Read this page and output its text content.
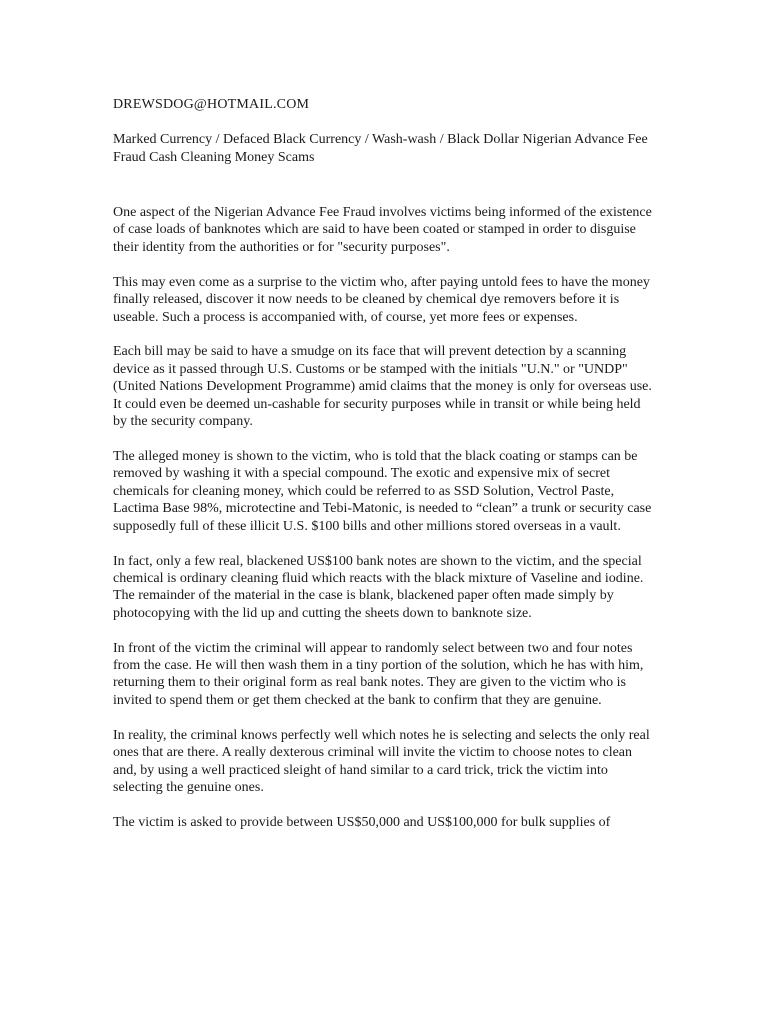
DREWSDOG@HOTMAIL.COM

Marked Currency / Defaced Black Currency / Wash-wash / Black Dollar Nigerian Advance Fee Fraud Cash Cleaning Money Scams

One aspect of the Nigerian Advance Fee Fraud involves victims being informed of the existence of case loads of banknotes which are said to have been coated or stamped in order to disguise their identity from the authorities or for "security purposes".

This may even come as a surprise to the victim who, after paying untold fees to have the money finally released, discover it now needs to be cleaned by chemical dye removers before it is useable. Such a process is accompanied with, of course, yet more fees or expenses.

Each bill may be said to have a smudge on its face that will prevent detection by a scanning device as it passed through U.S. Customs or be stamped with the initials "U.N." or "UNDP" (United Nations Development Programme) amid claims that the money is only for overseas use. It could even be deemed un-cashable for security purposes while in transit or while being held by the security company.

The alleged money is shown to the victim, who is told that the black coating or stamps can be removed by washing it with a special compound. The exotic and expensive mix of secret chemicals for cleaning money, which could be referred to as SSD Solution, Vectrol Paste, Lactima Base 98%, microtectine and Tebi-Matonic, is needed to “clean” a trunk or security case supposedly full of these illicit U.S. $100 bills and other millions stored overseas in a vault.

In fact, only a few real, blackened US$100 bank notes are shown to the victim, and the special chemical is ordinary cleaning fluid which reacts with the black mixture of Vaseline and iodine. The remainder of the material in the case is blank, blackened paper often made simply by photocopying with the lid up and cutting the sheets down to banknote size.

In front of the victim the criminal will appear to randomly select between two and four notes from the case. He will then wash them in a tiny portion of the solution, which he has with him, returning them to their original form as real bank notes. They are given to the victim who is invited to spend them or get them checked at the bank to confirm that they are genuine.

In reality, the criminal knows perfectly well which notes he is selecting and selects the only real ones that are there. A really dexterous criminal will invite the victim to choose notes to clean and, by using a well practiced sleight of hand similar to a card trick, trick the victim into selecting the genuine ones.

The victim is asked to provide between US$50,000 and US$100,000 for bulk supplies of
